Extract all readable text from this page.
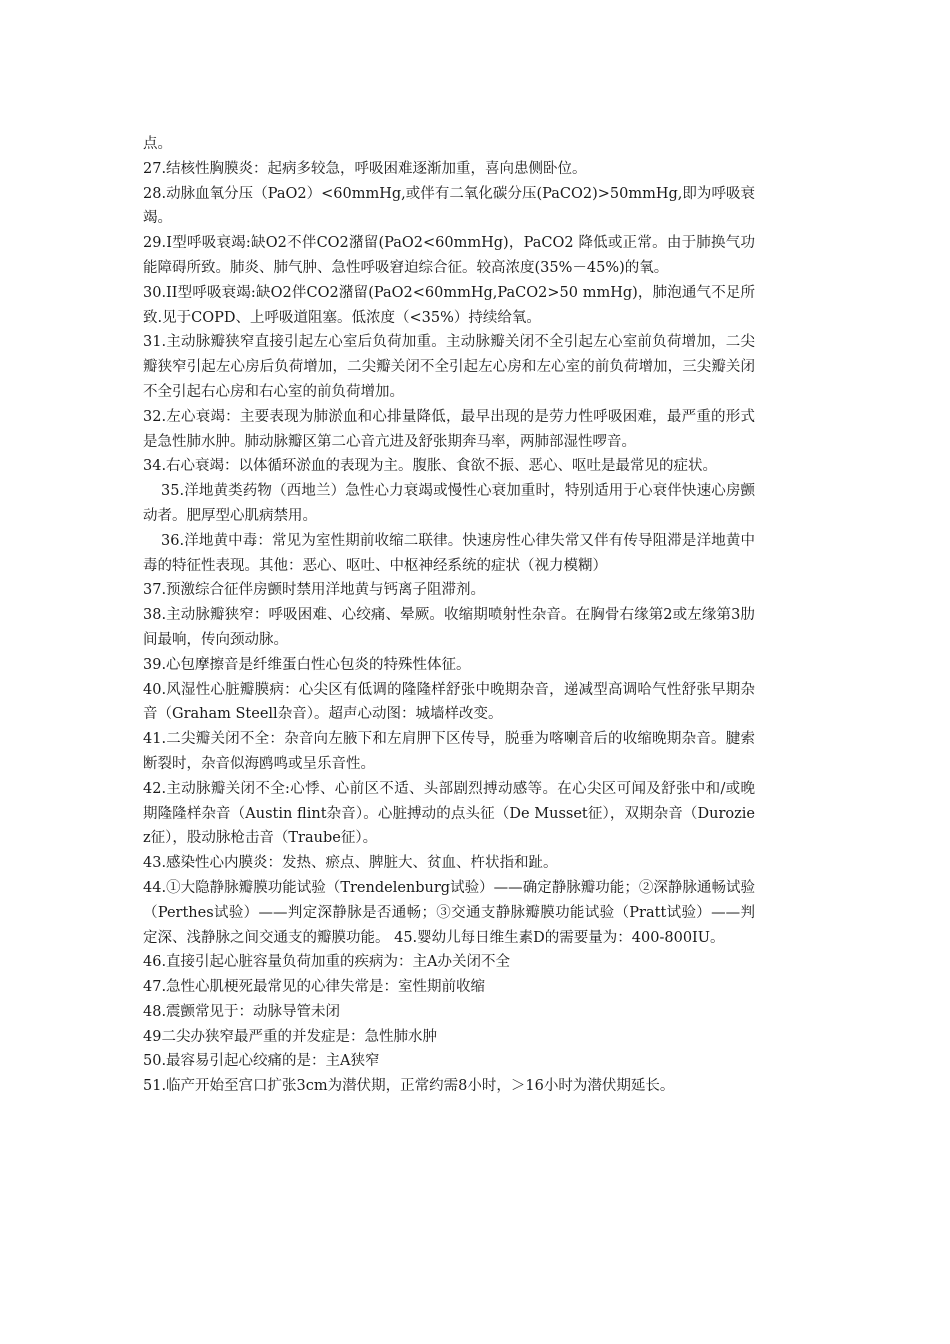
点。

27.结核性胸膜炎：起病多较急，呼吸困难逐渐加重，喜向患侧卧位。

28.动脉血氧分压（PaO2）<60mmHg,或伴有二氧化碳分压(PaCO2)>50mmHg,即为呼吸衰竭。

29.Ⅰ型呼吸衰竭:缺O2不伴CO2潴留(PaO2<60mmHg)，PaCO2 降低或正常。由于肺换气功能障碍所致。肺炎、肺气肿、急性呼吸窘迫综合征。较高浓度(35%－45%)的氧。

30.II型呼吸衰竭:缺O2伴CO2潴留(PaO2<60mmHg,PaCO2>50 mmHg)，肺泡通气不足所致.见于COPD、上呼吸道阻塞。低浓度（<35%）持续给氧。

31.主动脉瓣狭窄直接引起左心室后负荷加重。主动脉瓣关闭不全引起左心室前负荷增加，二尖瓣狭窄引起左心房后负荷增加，二尖瓣关闭不全引起左心房和左心室的前负荷增加，三尖瓣关闭不全引起右心房和右心室的前负荷增加。

32.左心衰竭：主要表现为肺淤血和心排量降低，最早出现的是劳力性呼吸困难，最严重的形式是急性肺水肿。肺动脉瓣区第二心音亢进及舒张期奔马率，两肺部湿性啰音。

34.右心衰竭：以体循环淤血的表现为主。腹胀、食欲不振、恶心、呕吐是最常见的症状。

35.洋地黄类药物（西地兰）急性心力衰竭或慢性心衰加重时，特别适用于心衰伴快速心房颤动者。肥厚型心肌病禁用。

36.洋地黄中毒：常见为室性期前收缩二联律。快速房性心律失常又伴有传导阻滞是洋地黄中毒的特征性表现。其他：恶心、呕吐、中枢神经系统的症状（视力模糊）

37.预激综合征伴房颤时禁用洋地黄与钙离子阻滞剂。

38.主动脉瓣狭窄：呼吸困难、心绞痛、晕厥。收缩期喷射性杂音。在胸骨右缘第2或左缘第3肋间最响，传向颈动脉。

39.心包摩擦音是纤维蛋白性心包炎的特殊性体征。

40.风湿性心脏瓣膜病：心尖区有低调的隆隆样舒张中晚期杂音，递减型高调哈气性舒张早期杂音（Graham Steell杂音）。超声心动图：城墙样改变。

41.二尖瓣关闭不全：杂音向左腋下和左肩胛下区传导，脱垂为喀喇音后的收缩晚期杂音。腱索断裂时，杂音似海鸥鸣或呈乐音性。

42.主动脉瓣关闭不全:心悸、心前区不适、头部剧烈搏动感等。在心尖区可闻及舒张中和/或晚期隆隆样杂音（Austin flint杂音）。心脏搏动的点头征（De Musset征），双期杂音（Duroziez征），股动脉枪击音（Traube征）。

43.感染性心内膜炎：发热、瘀点、脾脏大、贫血、杵状指和趾。

44.①大隐静脉瓣膜功能试验（Trendelenburg试验）——确定静脉瓣功能；②深静脉通畅试验（Perthes试验）——判定深静脉是否通畅；③交通支静脉瓣膜功能试验（Pratt试验）——判定深、浅静脉之间交通支的瓣膜功能。 45.婴幼儿每日维生素D的需要量为：400-800IU。

46.直接引起心脏容量负荷加重的疾病为：主A办关闭不全

47.急性心肌梗死最常见的心律失常是：室性期前收缩

48.震颤常见于：动脉导管未闭

49二尖办狭窄最严重的并发症是：急性肺水肿

50.最容易引起心绞痛的是：主A狭窄

51.临产开始至宫口扩张3cm为潜伏期，正常约需8小时，＞16小时为潜伏期延长。
